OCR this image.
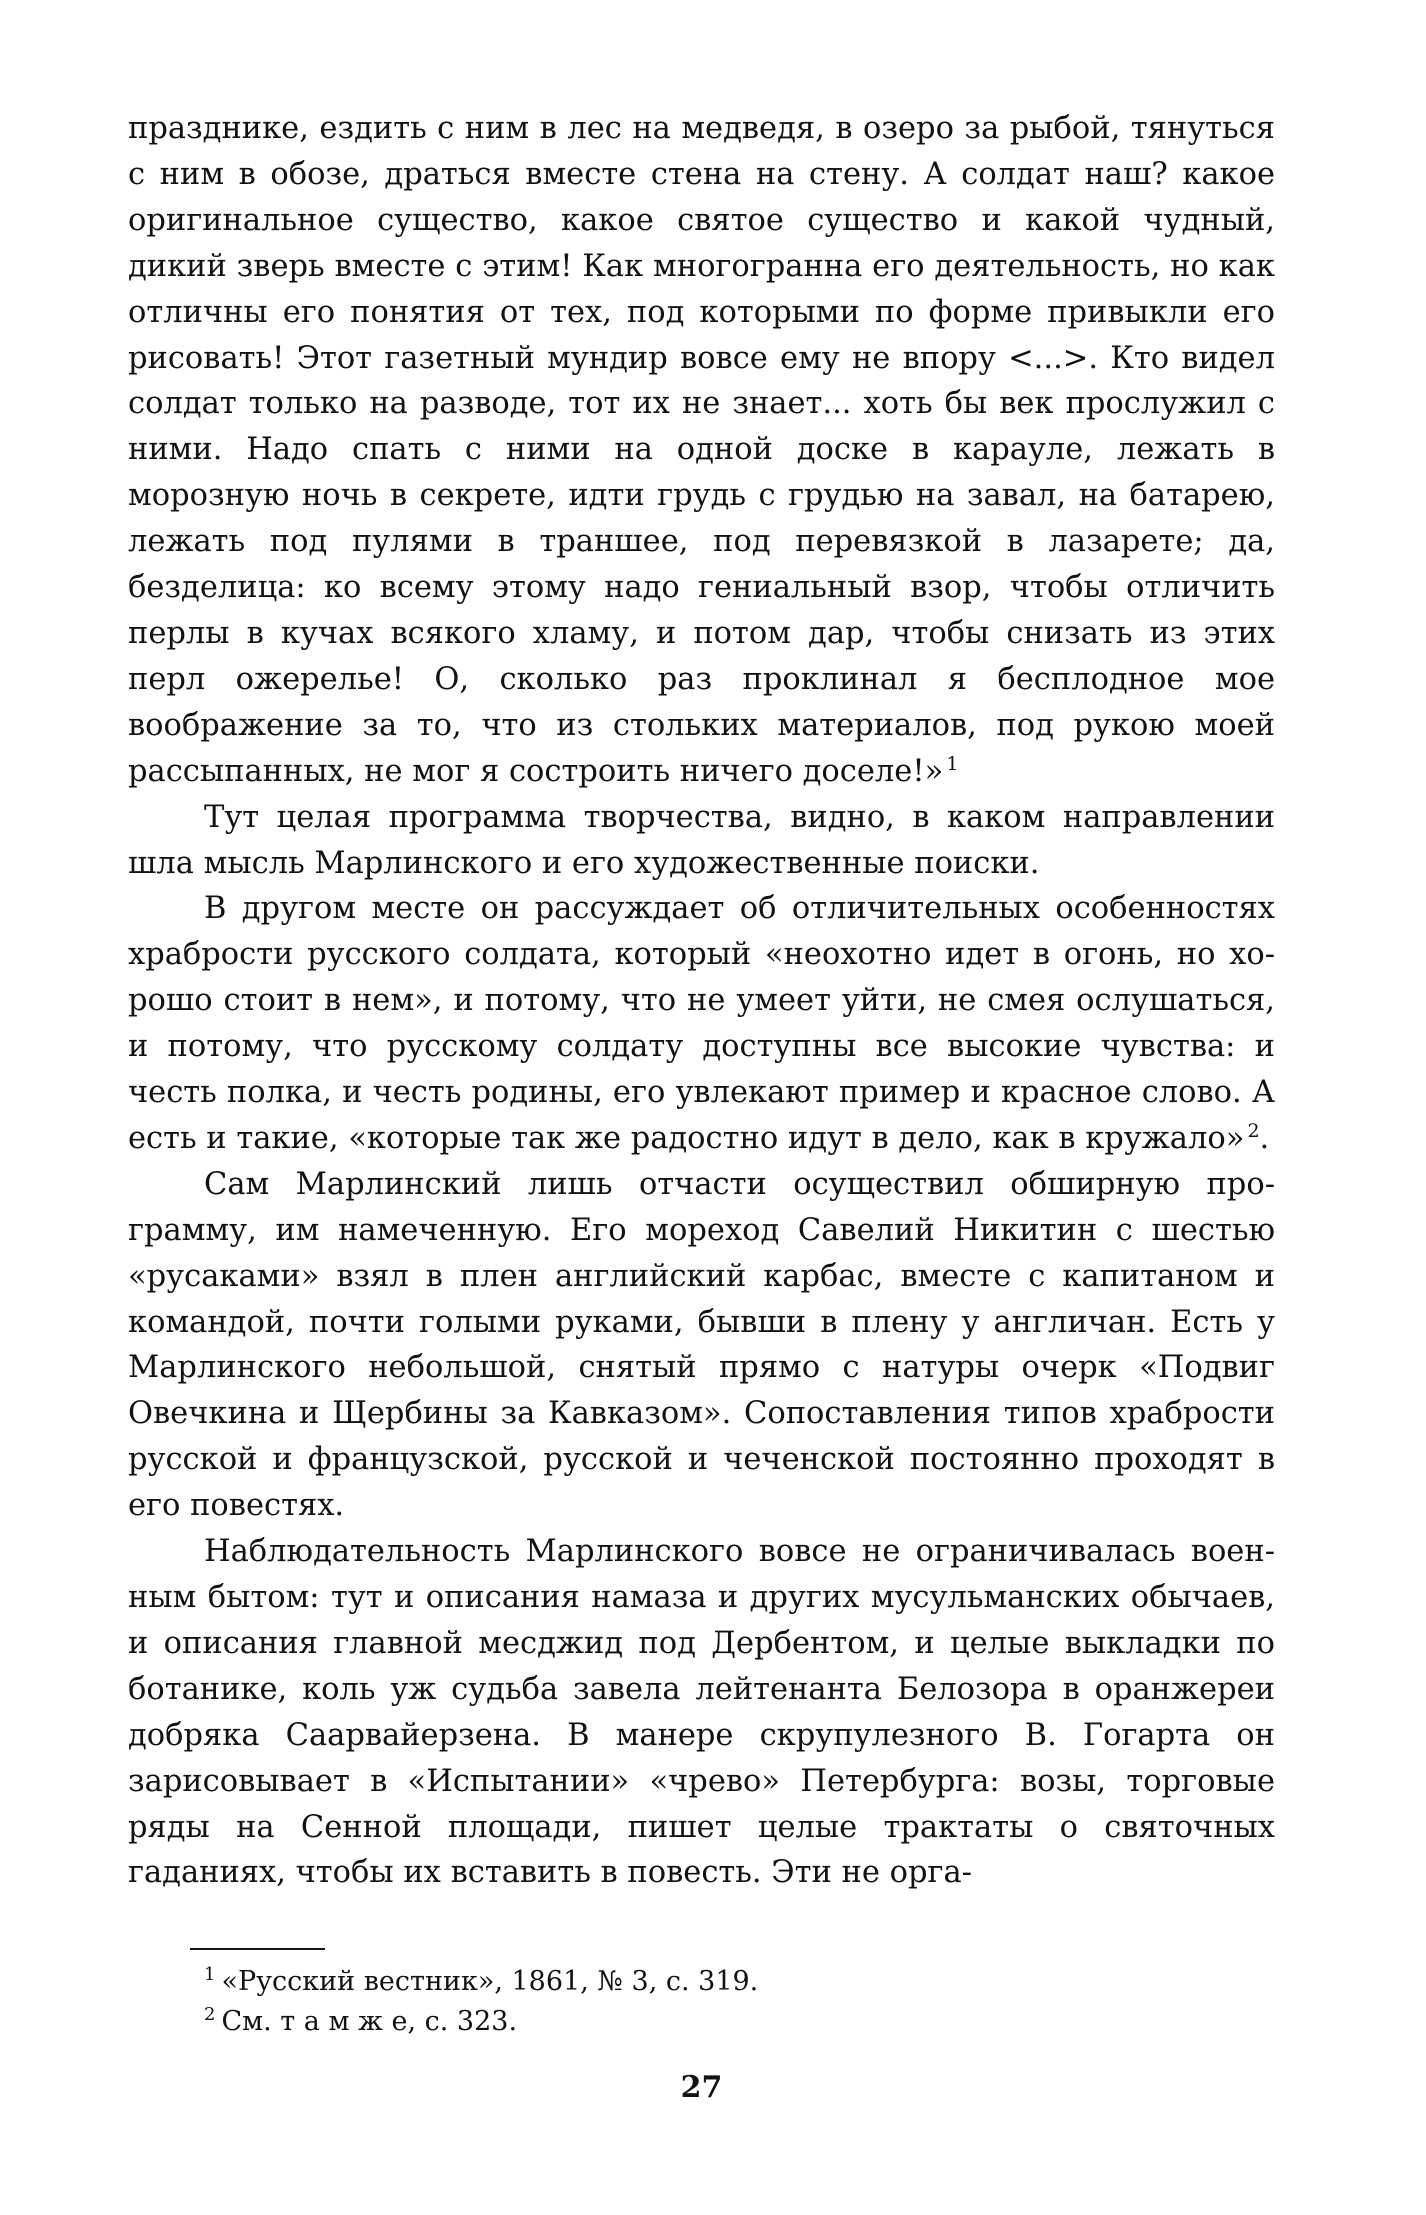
празднике, ездить с ним в лес на медведя, в озеро за рыбой, тянуться с ним в обозе, драться вместе стена на стену. А солдат наш? какое оригинальное существо, какое святое существо и какой чудный, дикий зверь вместе с этим! Как многогранна его деятельность, но как отличны его понятия от тех, под которыми по форме привыкли его рисовать! Этот газетный мундир вовсе ему не впору <...>. Кто видел солдат только на разводе, тот их не знает... хоть бы век прослужил с ними. Надо спать с ними на одной доске в карауле, лежать в морозную ночь в секрете, идти грудь с грудью на завал, на батарею, лежать под пулями в траншее, под перевязкой в лазарете; да, безделица: ко всему этому надо гениальный взор, чтобы отличить перлы в кучах всякого хламу, и потом дар, чтобы снизать из этих перл ожерелье! О, сколько раз проклинал я бесплодное мое воображение за то, что из стольких материалов, под рукою моей рассыпанных, не мог я состроить ничего доселе!»  $^1$

Тут целая программа творчества, видно, в каком направлении шла мысль Марлинского и его художественные поиски.

В другом месте он рассуждает об отличительных особенностях храбрости русского солдата, который «неохотно идет в огонь, но хорошо стоит в нем», и потому, что не умеет уйти, не смея ослушаться, и потому, что русскому солдату доступны все высокие чувства: и честь полка, и честь родины, его увлекают пример и красное слово. А есть и такие, «которые так же радостно идут в дело, как в кружало»  $^2$.

Сам Марлинский лишь отчасти осуществил обширную программу, им намеченную. Его мореход Савелий Никитин с шестью «русаками» взял в плен английский карбас, вместе с капитаном и командой, почти голыми руками, бывши в плену у англичан. Есть у Марлинского небольшой, снятый прямо с натуры очерк «Подвиг Овечкина и Щербины за Кавказом». Сопоставления типов храбрости русской и французской, русской и чеченской постоянно проходят в его повестях.

Наблюдательность Марлинского вовсе не ограничивалась военным бытом: тут и описания намаза и других мусульманских обычаев, и описания главной месджид под Дербентом, и целые выкладки по ботанике, коль уж судьба завела лейтенанта Белозора в оранжереи добряка Саарвайерзена. В манере скрупулезного В. Гогарта он зарисовывает в «Испытании» «чрево» Петербурга: возы, торговые ряды на Сенной площади, пишет целые трактаты о святочных гаданиях, чтобы их вставить в повесть. Эти не орга-

$^1$ «Русский вестник», 1861, № 3, с. 319.

$^2$ См. т а м ж е, с. 323.

27
